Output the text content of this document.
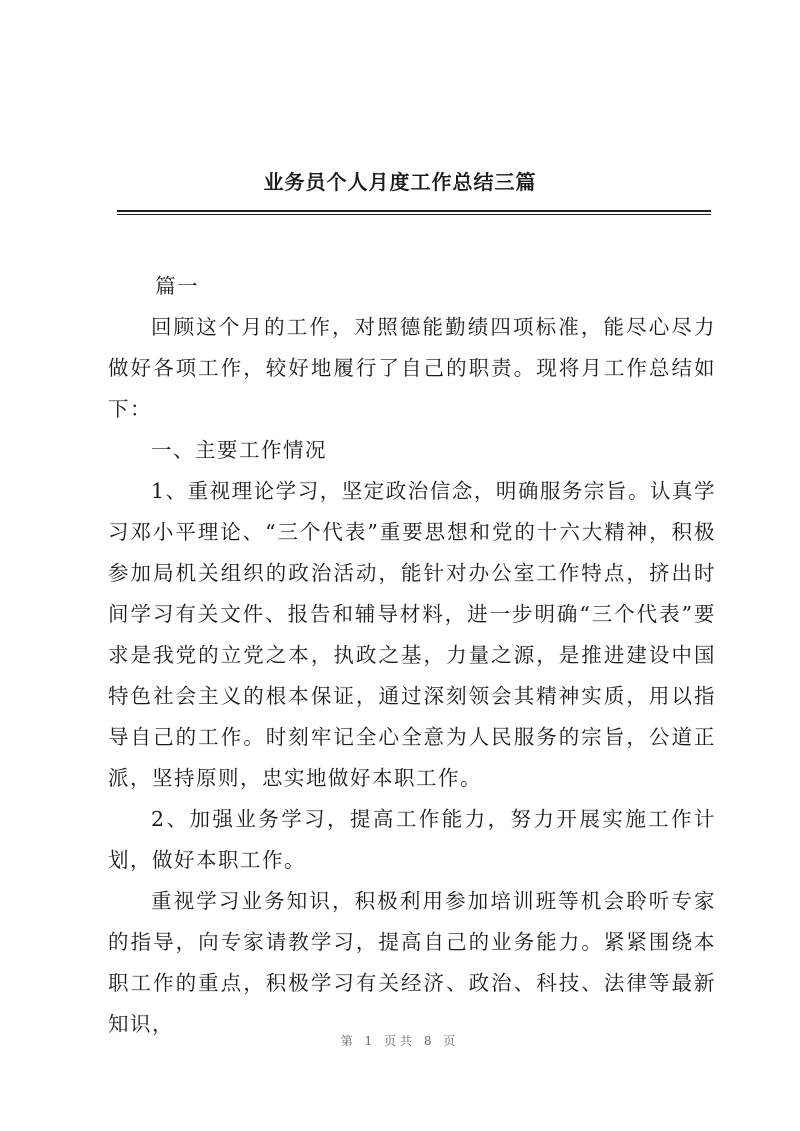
业务员个人月度工作总结三篇

篇一

回顾这个月的工作，对照德能勤绩四项标准，能尽心尽力做好各项工作，较好地履行了自己的职责。现将月工作总结如下：

一、主要工作情况

1、重视理论学习，坚定政治信念，明确服务宗旨。认真学习邓小平理论、“三个代表”重要思想和党的十六大精神，积极参加局机关组织的政治活动，能针对办公室工作特点，挤出时间学习有关文件、报告和辅导材料，进一步明确“三个代表”要求是我党的立党之本，执政之基，力量之源，是推进建设中国特色社会主义的根本保证，通过深刻领会其精神实质，用以指导自己的工作。时刻牢记全心全意为人民服务的宗旨，公道正派，坚持原则，忠实地做好本职工作。

2、加强业务学习，提高工作能力，努力开展实施工作计划，做好本职工作。

重视学习业务知识，积极利用参加培训班等机会聆听专家的指导，向专家请教学习，提高自己的业务能力。紧紧围绕本职工作的重点，积极学习有关经济、政治、科技、法律等最新知识，

第 1 页共 8 页
